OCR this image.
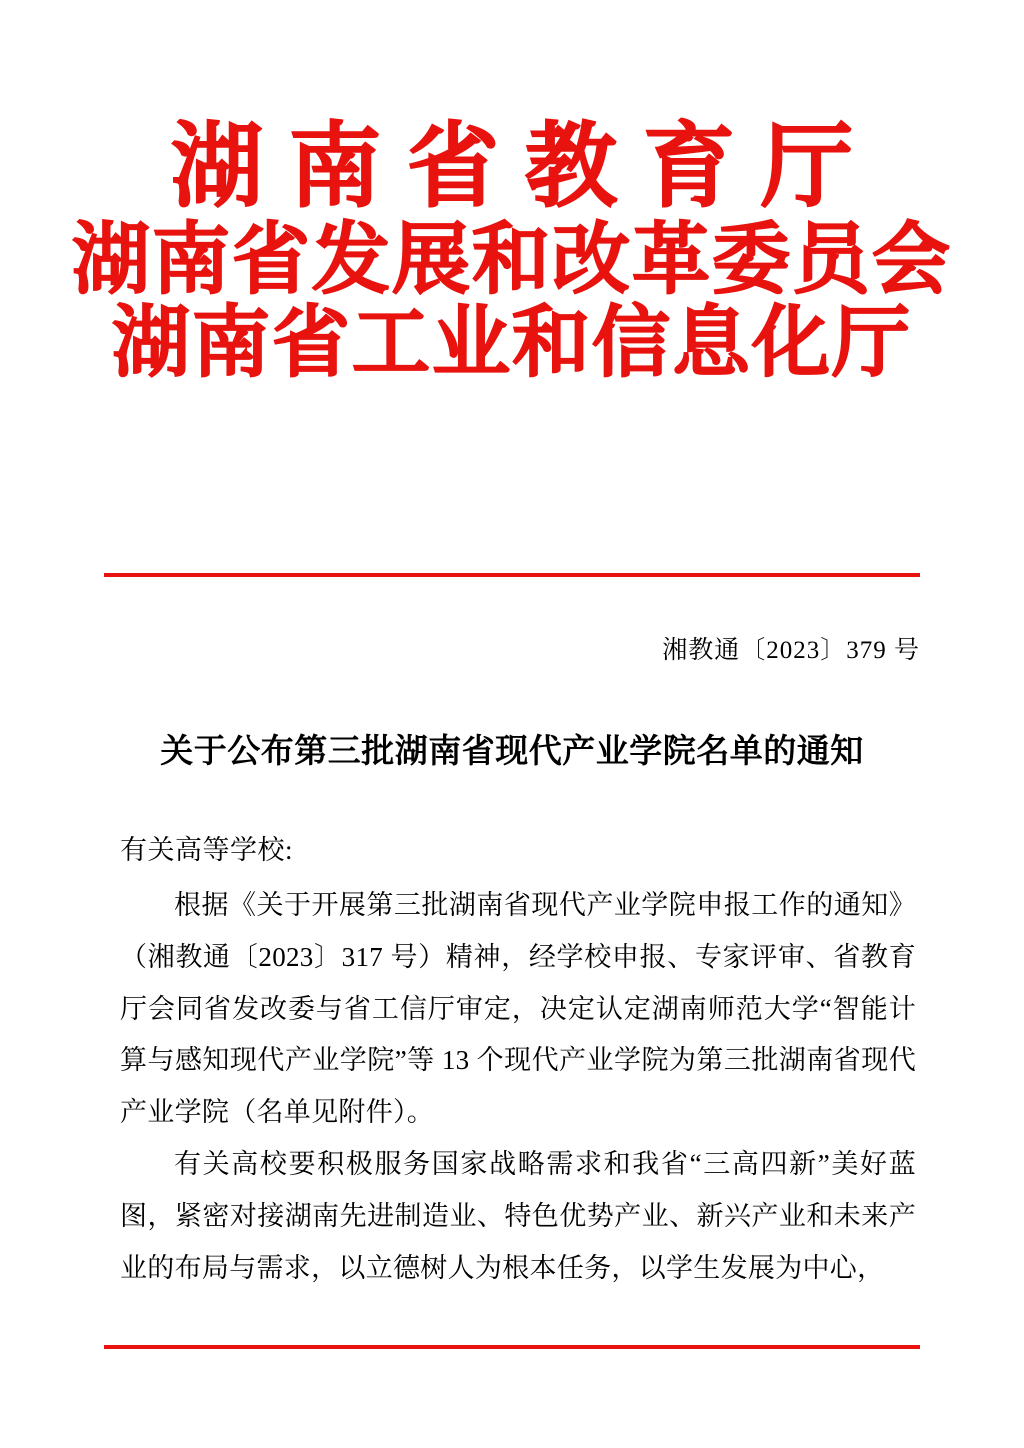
湖南省教育厅
湖南省发展和改革委员会
湖南省工业和信息化厅
湘教通〔2023〕379 号
关于公布第三批湖南省现代产业学院名单的通知
有关高等学校:

根据《关于开展第三批湖南省现代产业学院申报工作的通知》（湘教通〔2023〕317 号）精神，经学校申报、专家评审、省教育厅会同省发改委与省工信厅审定，决定认定湖南师范大学“智能计算与感知现代产业学院”等 13 个现代产业学院为第三批湖南省现代产业学院（名单见附件）。

有关高校要积极服务国家战略需求和我省“三高四新”美好蓝图，紧密对接湖南先进制造业、特色优势产业、新兴产业和未来产业的布局与需求，以立德树人为根本任务，以学生发展为中心，
